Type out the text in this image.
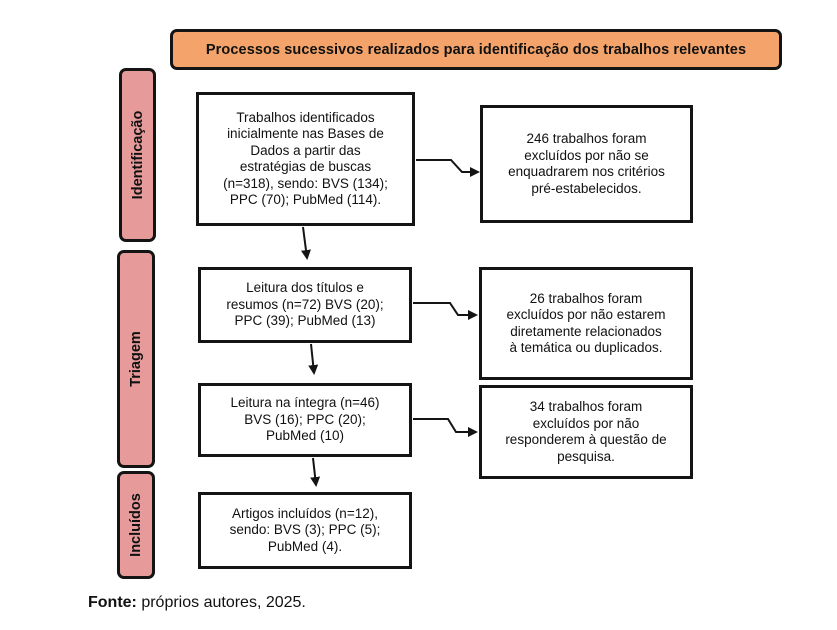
Processos sucessivos realizados para identificação dos trabalhos relevantes
Identificação
Triagem
Incluídos
Trabalhos identificados
inicialmente nas Bases de
Dados a partir das
estratégias de buscas
(n=318), sendo: BVS (134);
PPC (70); PubMed (114).
246 trabalhos foram
excluídos por não se
enquadrarem nos critérios
pré-estabelecidos.
Leitura dos títulos e
resumos (n=72) BVS (20);
PPC (39); PubMed (13)
26 trabalhos foram
excluídos por não estarem
diretamente relacionados
à temática ou duplicados.
Leitura na íntegra (n=46)
BVS (16); PPC (20);
PubMed (10)
34 trabalhos foram
excluídos por não
responderem à questão de
pesquisa.
Artigos incluídos (n=12),
sendo: BVS (3); PPC (5);
PubMed (4).
Fonte: próprios autores, 2025.
